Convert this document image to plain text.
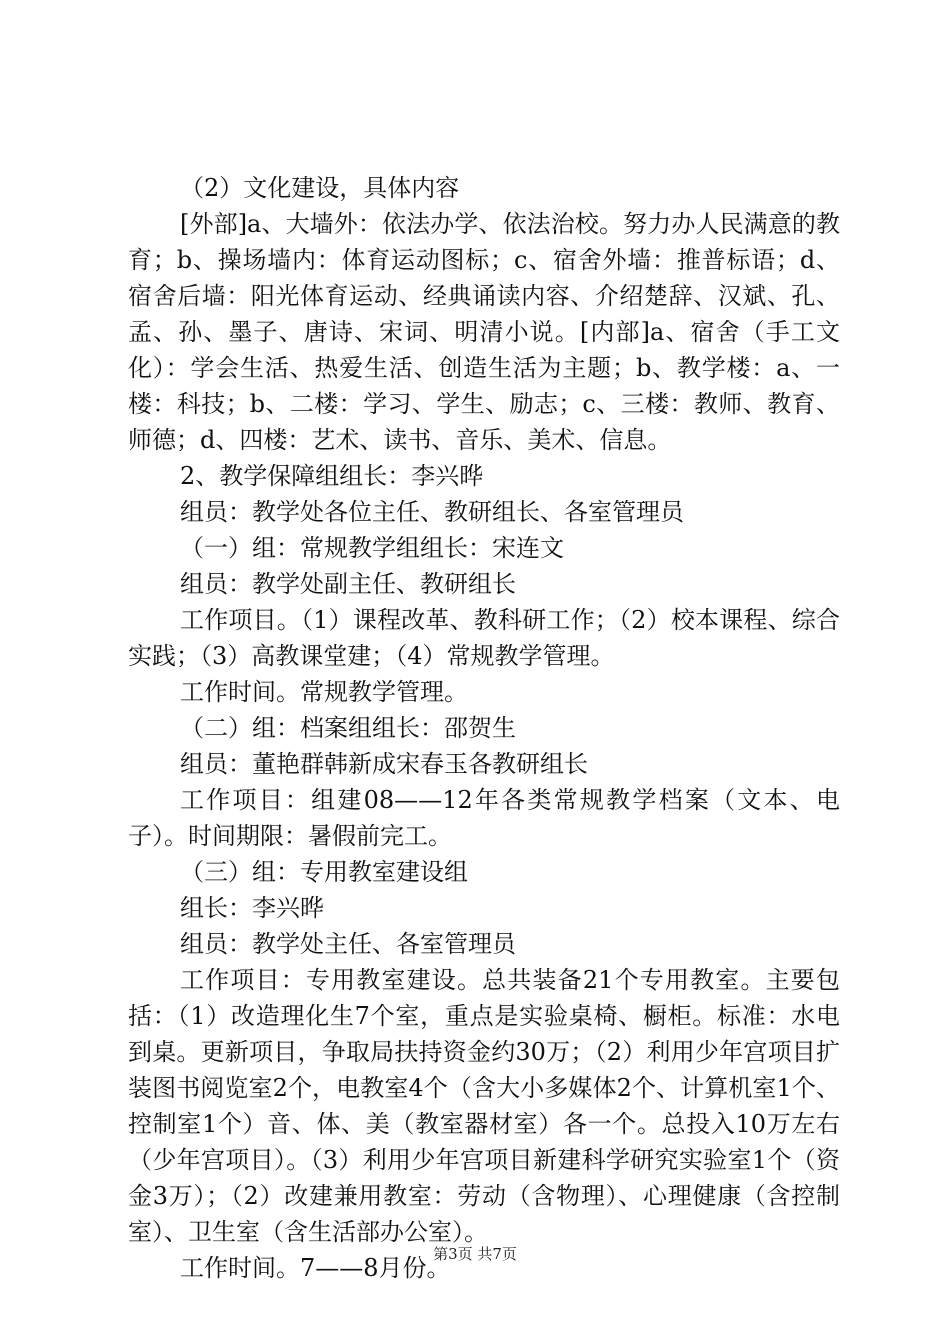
（2）文化建设，具体内容

[外部]a、大墙外：依法办学、依法治校。努力办人民满意的教育；b、操场墙内：体育运动图标；c、宿舍外墙：推普标语；d、宿舍后墙：阳光体育运动、经典诵读内容、介绍楚辞、汉斌、孔、孟、孙、墨子、唐诗、宋词、明清小说。[内部]a、宿舍（手工文化）：学会生活、热爱生活、创造生活为主题；b、教学楼：a、一楼：科技；b、二楼：学习、学生、励志；c、三楼：教师、教育、师德；d、四楼：艺术、读书、音乐、美术、信息。

2、教学保障组组长：李兴晔

组员：教学处各位主任、教研组长、各室管理员

（一）组：常规教学组组长：宋连文

组员：教学处副主任、教研组长

工作项目。（1）课程改革、教科研工作；（2）校本课程、综合实践；（3）高教课堂建；（4）常规教学管理。

工作时间。常规教学管理。

（二）组：档案组组长：邵贺生

组员：董艳群韩新成宋春玉各教研组长

工作项目：组建08——12年各类常规教学档案（文本、电子）。时间期限：暑假前完工。

（三）组：专用教室建设组

组长：李兴晔

组员：教学处主任、各室管理员

工作项目：专用教室建设。总共装备21个专用教室。主要包括：（1）改造理化生7个室，重点是实验桌椅、橱柜。标准：水电到桌。更新项目，争取局扶持资金约30万；（2）利用少年宫项目扩装图书阅览室2个，电教室4个（含大小多媒体2个、计算机室1个、控制室1个）音、体、美（教室器材室）各一个。总投入10万左右（少年宫项目）。（3）利用少年宫项目新建科学研究实验室1个（资金3万）；（2）改建兼用教室：劳动（含物理）、心理健康（含控制室）、卫生室（含生活部办公室）。

工作时间。7——8月份。

第3页 共7页
